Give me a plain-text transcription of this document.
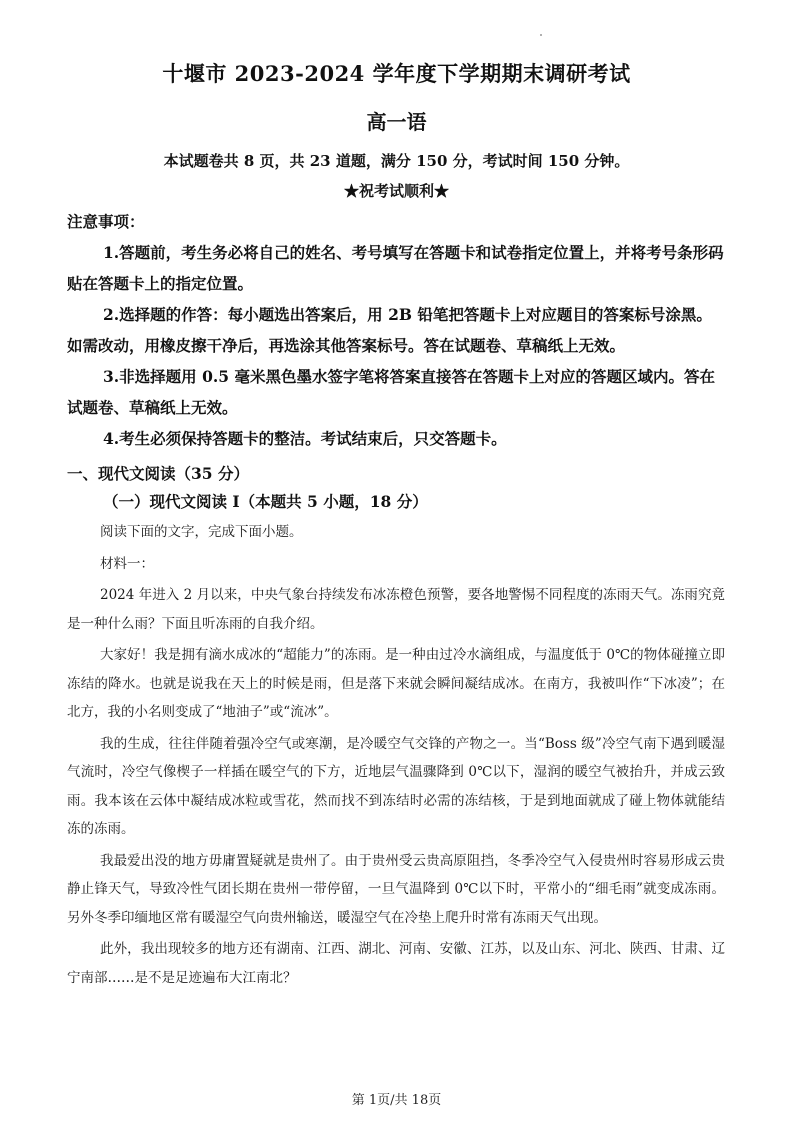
十堰市 2023-2024 学年度下学期期末调研考试
高一语
本试题卷共 8 页，共 23 道题，满分 150 分，考试时间 150 分钟。
★祝考试顺利★

注意事项：

1.答题前，考生务必将自己的姓名、考号填写在答题卡和试卷指定位置上，并将考号条形码贴在答题卡上的指定位置。

2.选择题的作答：每小题选出答案后，用 2B 铅笔把答题卡上对应题目的答案标号涂黑。如需改动，用橡皮擦干净后，再选涂其他答案标号。答在试题卷、草稿纸上无效。

3.非选择题用 0.5 毫米黑色墨水签字笔将答案直接答在答题卡上对应的答题区域内。答在试题卷、草稿纸上无效。

4.考生必须保持答题卡的整洁。考试结束后，只交答题卡。

一、现代文阅读（35 分）

（一）现代文阅读 I（本题共 5 小题，18 分）

阅读下面的文字，完成下面小题。

材料一：

2024 年进入 2 月以来，中央气象台持续发布冰冻橙色预警，要各地警惕不同程度的冻雨天气。冻雨究竟是一种什么雨？下面且听冻雨的自我介绍。

大家好！我是拥有滴水成冰的“超能力”的冻雨。是一种由过冷水滴组成，与温度低于 0℃的物体碰撞立即冻结的降水。也就是说我在天上的时候是雨，但是落下来就会瞬间凝结成冰。在南方，我被叫作“下冰凌”；在北方，我的小名则变成了“地油子”或“流冰”。

我的生成，往往伴随着强冷空气或寒潮，是冷暖空气交锋的产物之一。当“Boss 级”冷空气南下遇到暖湿气流时，冷空气像楔子一样插在暖空气的下方，近地层气温骤降到 0℃以下，湿润的暖空气被抬升，并成云致雨。我本该在云体中凝结成冰粒或雪花，然而找不到冻结时必需的冻结核，于是到地面就成了碰上物体就能结冻的冻雨。

我最爱出没的地方毋庸置疑就是贵州了。由于贵州受云贵高原阻挡，冬季冷空气入侵贵州时容易形成云贵静止锋天气，导致冷性气团长期在贵州一带停留，一旦气温降到 0℃以下时，平常小的“细毛雨”就变成冻雨。另外冬季印缅地区常有暖湿空气向贵州输送，暖湿空气在冷垫上爬升时常有冻雨天气出现。

此外，我出现较多的地方还有湖南、江西、湖北、河南、安徽、江苏，以及山东、河北、陕西、甘肃、辽宁南部……是不是足迹遍布大江南北？

第 1页/共 18页
